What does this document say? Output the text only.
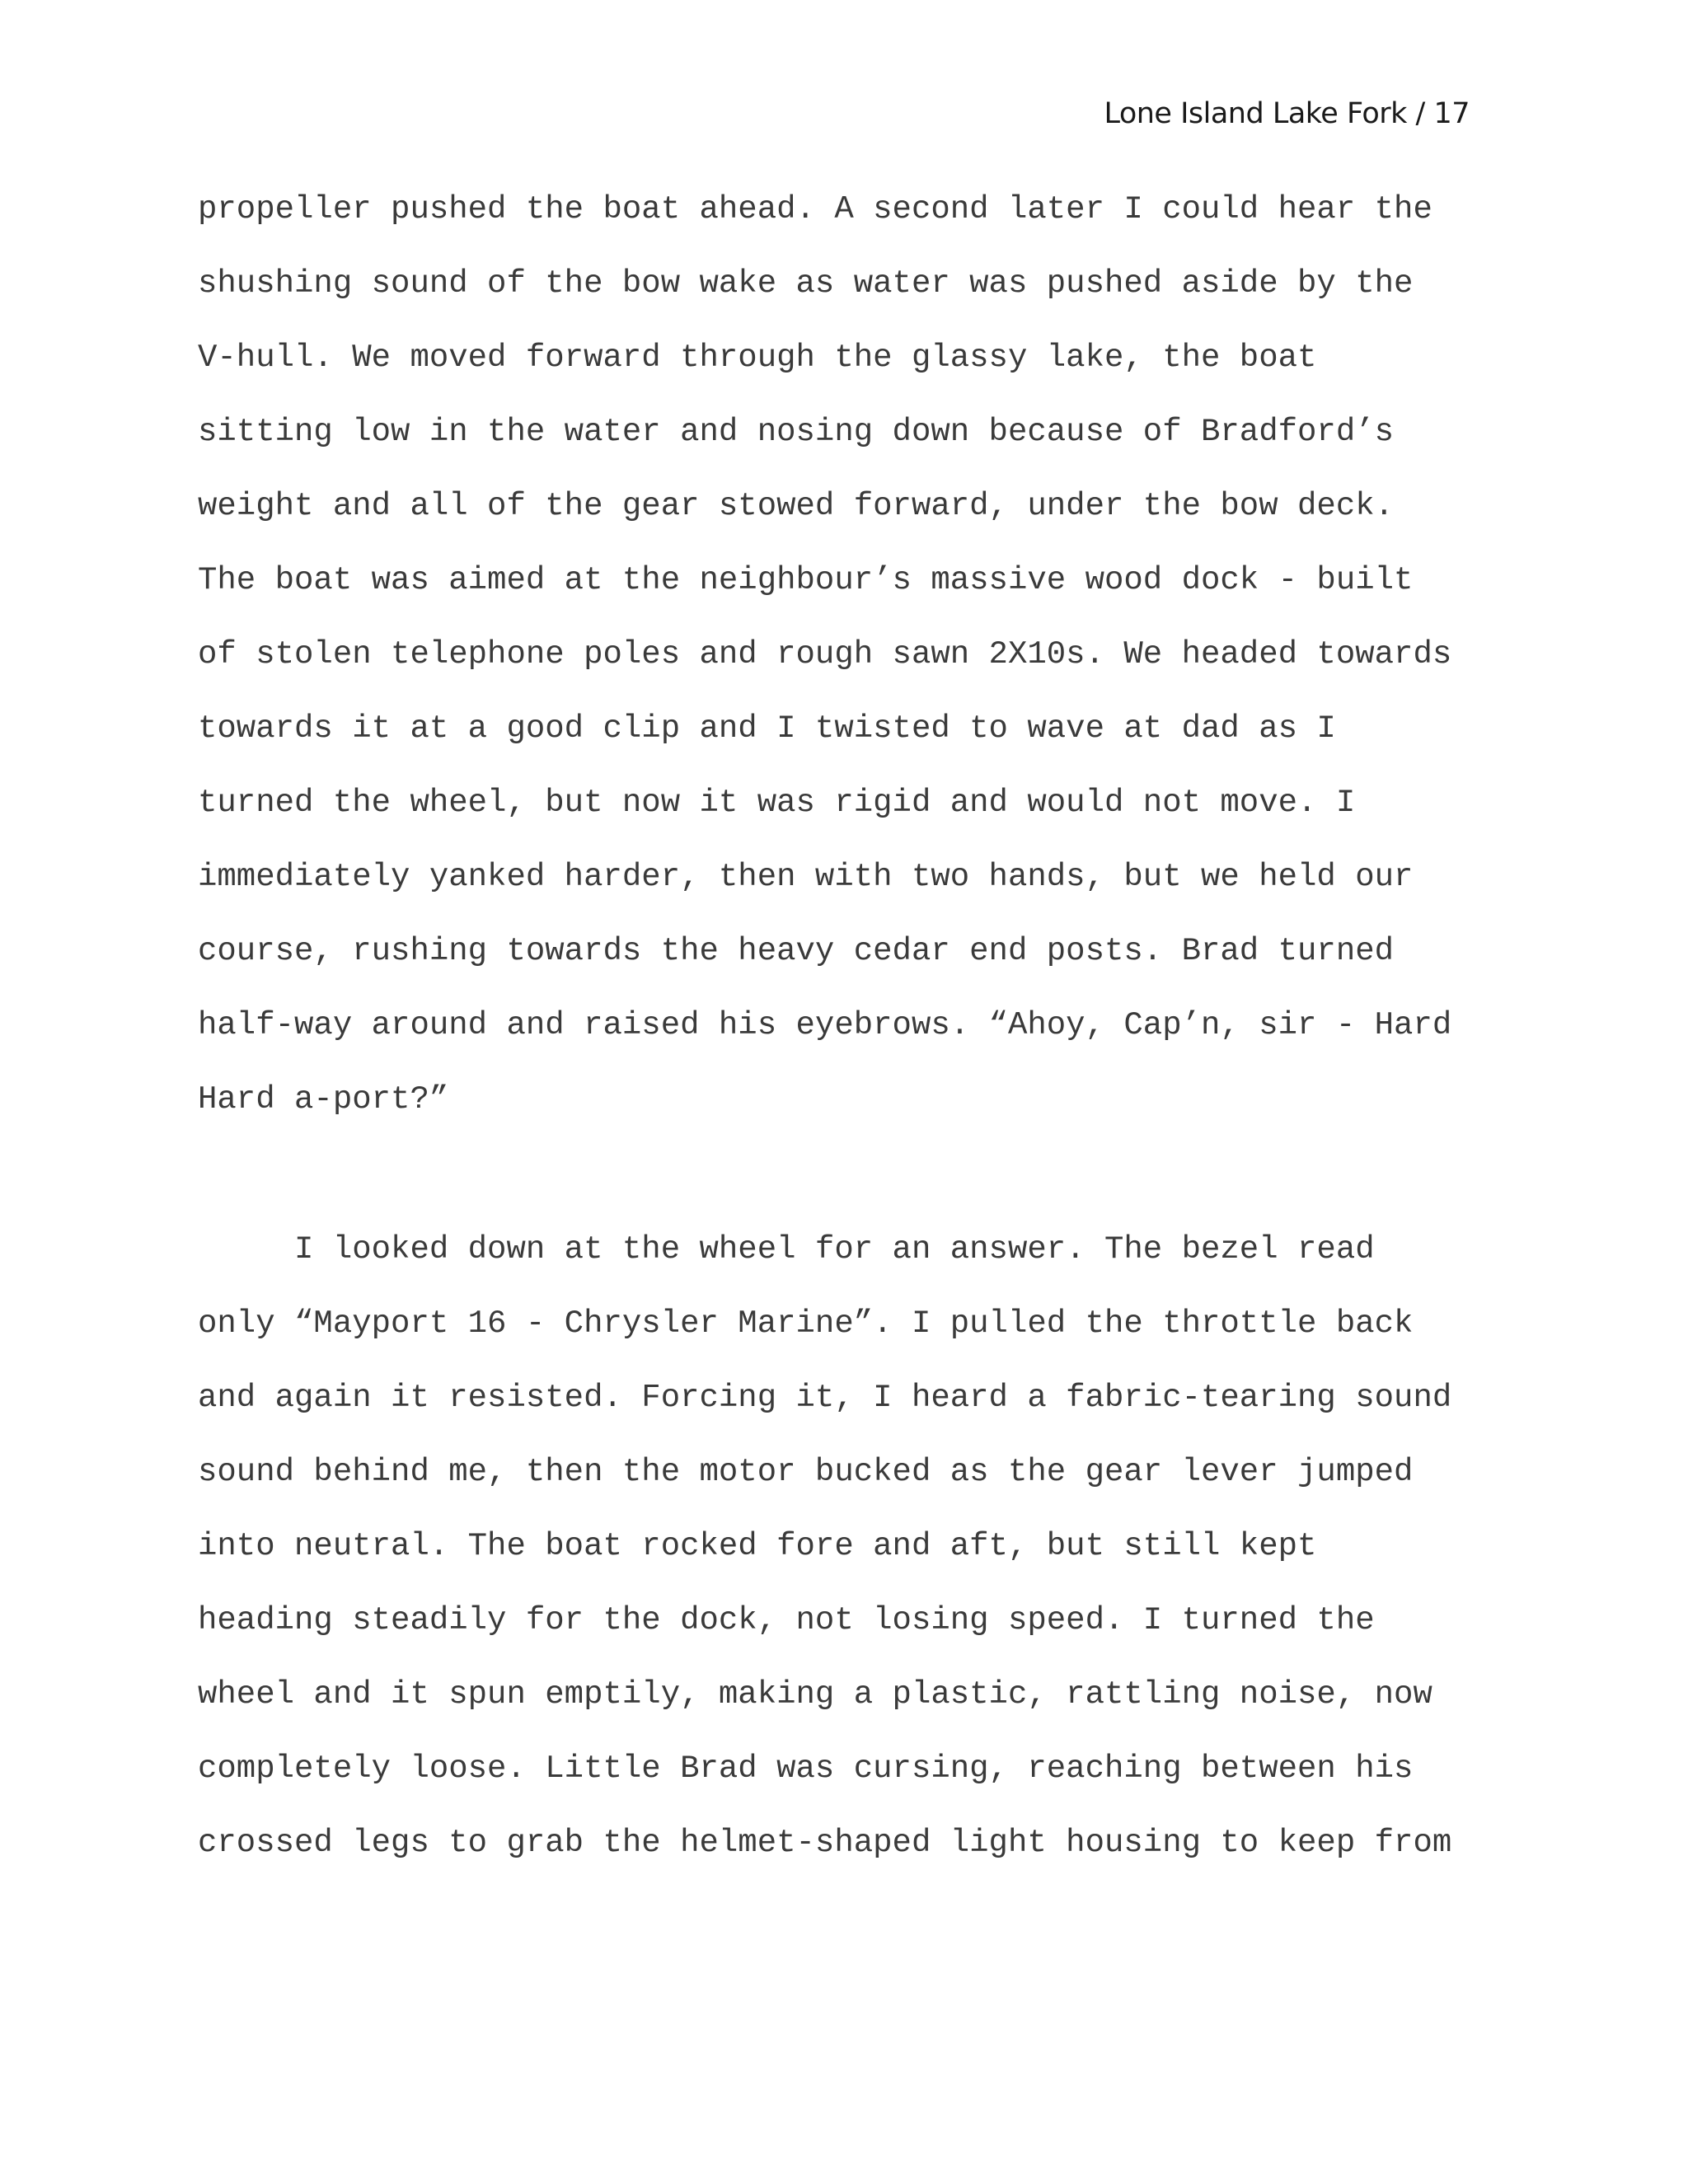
Lone Island Lake Fork / 17
propeller pushed the boat ahead. A second later I could hear the
shushing sound of the bow wake as water was pushed aside by the
V-hull. We moved forward through the glassy lake, the boat
sitting low in the water and nosing down because of Bradford’s
weight and all of the gear stowed forward, under the bow deck.
The boat was aimed at the neighbour’s massive wood dock - built
of stolen telephone poles and rough sawn 2X10s. We headed towards
towards it at a good clip and I twisted to wave at dad as I
turned the wheel, but now it was rigid and would not move. I
immediately yanked harder, then with two hands, but we held our
course, rushing towards the heavy cedar end posts. Brad turned
half-way around and raised his eyebrows. “Ahoy, Cap’n, sir - Hard
Hard a-port?”
I looked down at the wheel for an answer. The bezel read
only “Mayport 16 - Chrysler Marine”. I pulled the throttle back
and again it resisted. Forcing it, I heard a fabric-tearing sound
sound behind me, then the motor bucked as the gear lever jumped
into neutral. The boat rocked fore and aft, but still kept
heading steadily for the dock, not losing speed. I turned the
wheel and it spun emptily, making a plastic, rattling noise, now
completely loose. Little Brad was cursing, reaching between his
crossed legs to grab the helmet-shaped light housing to keep from
